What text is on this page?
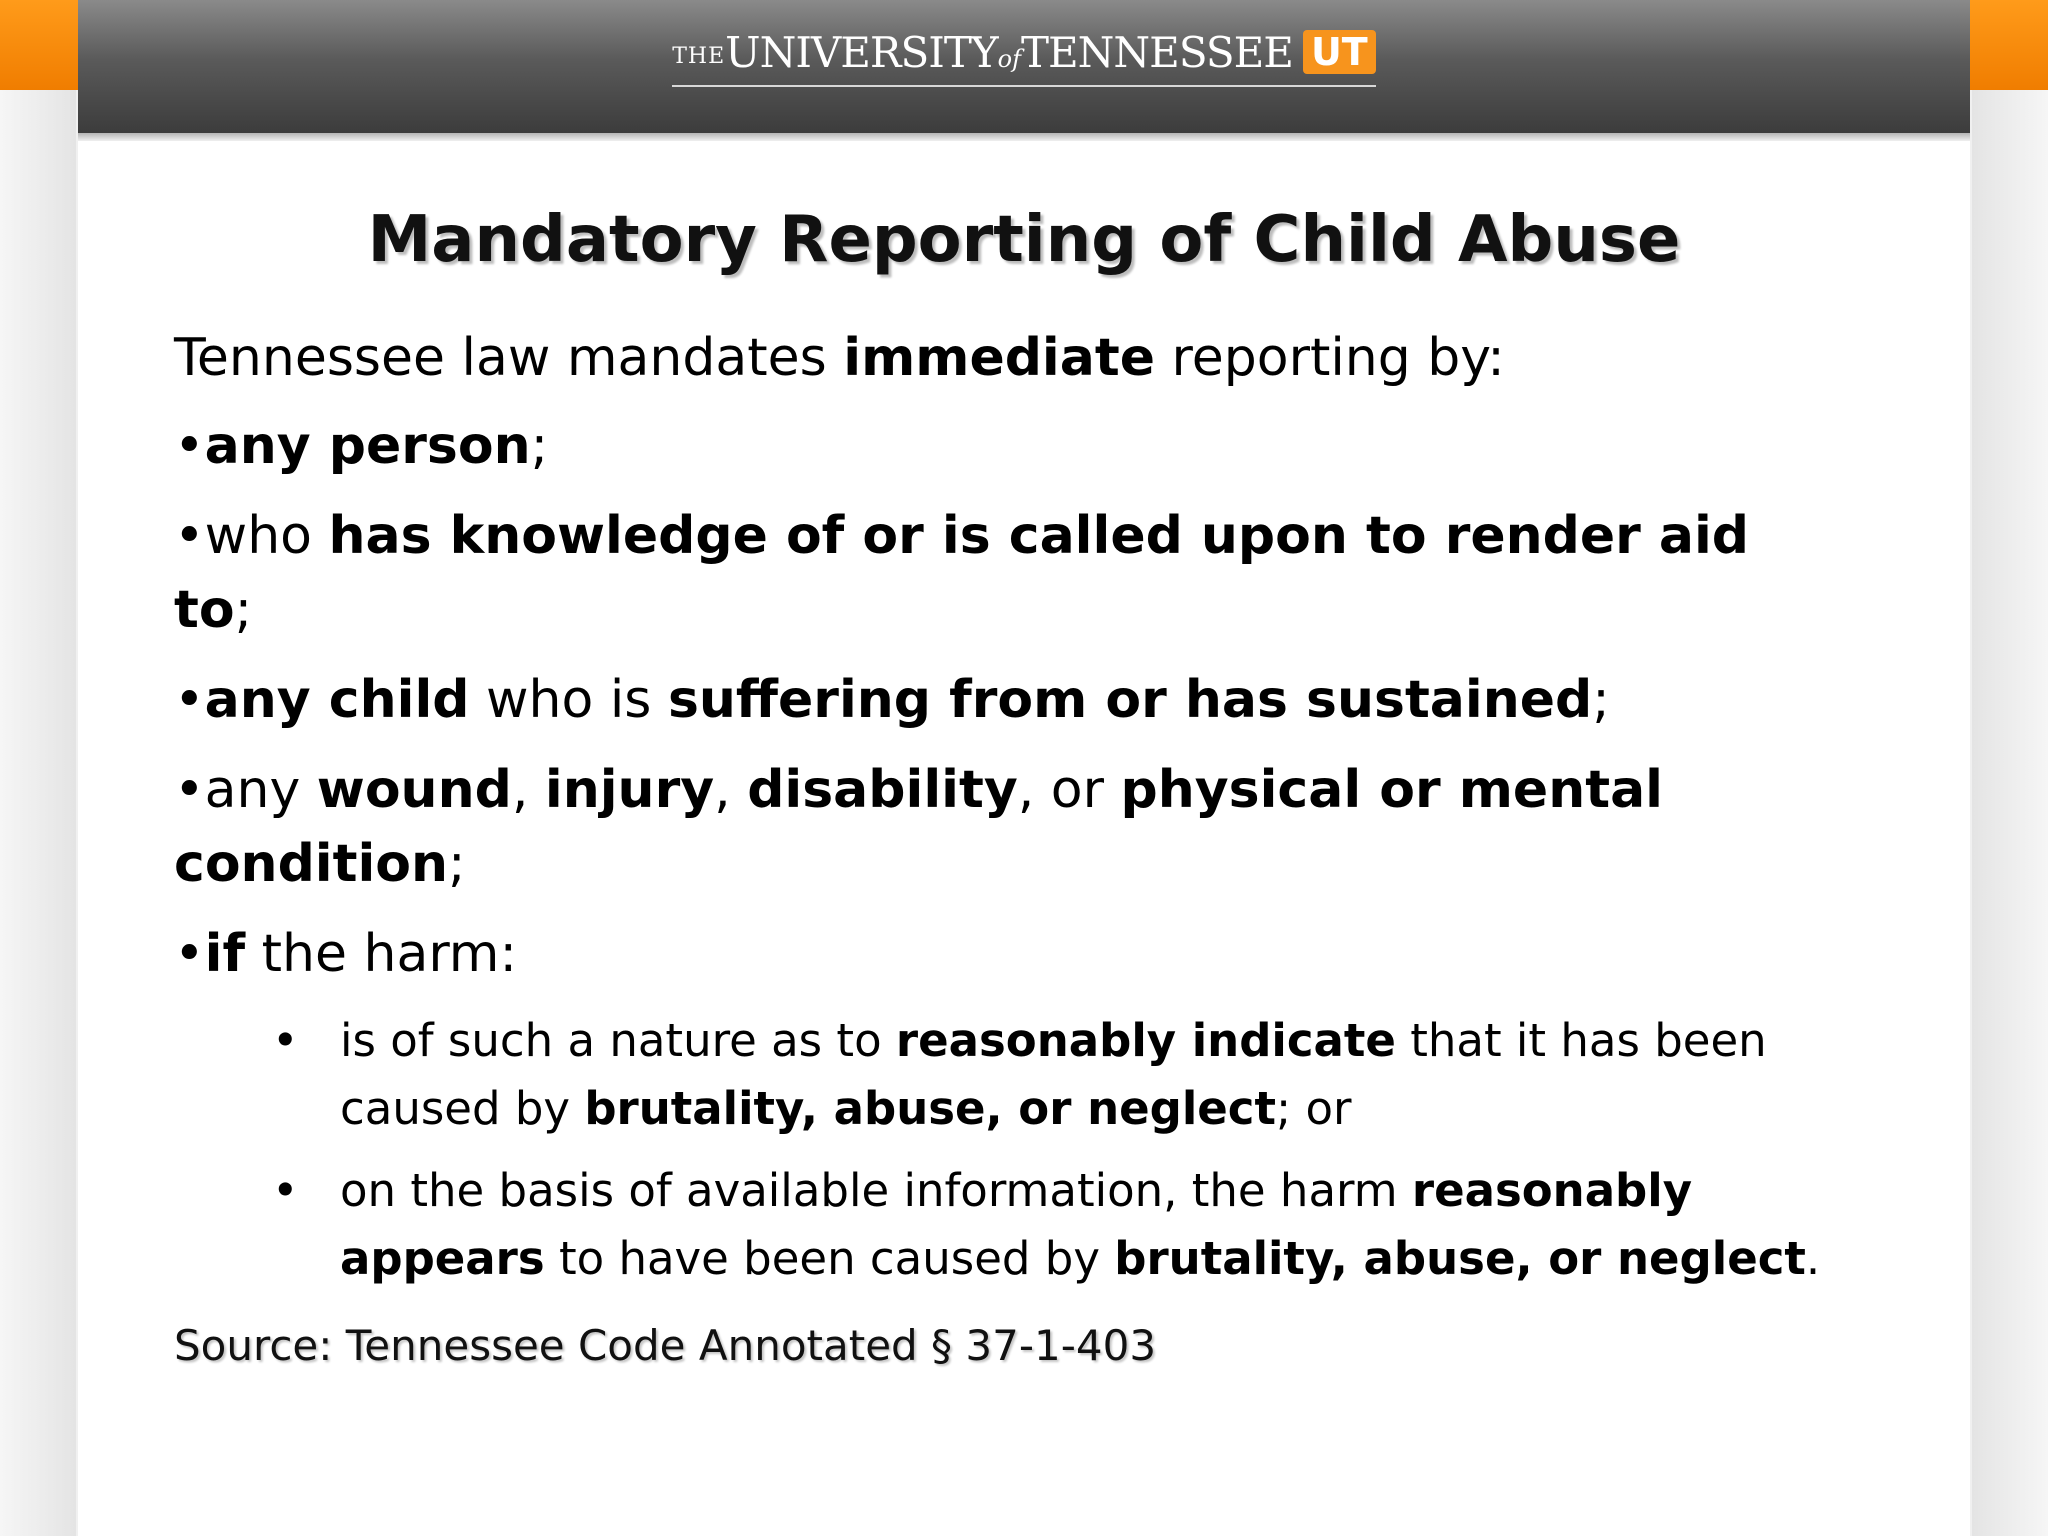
THEUNIVERSITYofTENNESSEE UT
Mandatory Reporting of Child Abuse
Tennessee law mandates immediate reporting by:
•any person;
•who has knowledge of or is called upon to render aid to;
•any child who is suffering from or has sustained;
•any wound, injury, disability, or physical or mental condition;
•if the harm:
• is of such a nature as to reasonably indicate that it has been caused by brutality, abuse, or neglect; or
• on the basis of available information, the harm reasonably appears to have been caused by brutality, abuse, or neglect.
Source: Tennessee Code Annotated § 37-1-403
